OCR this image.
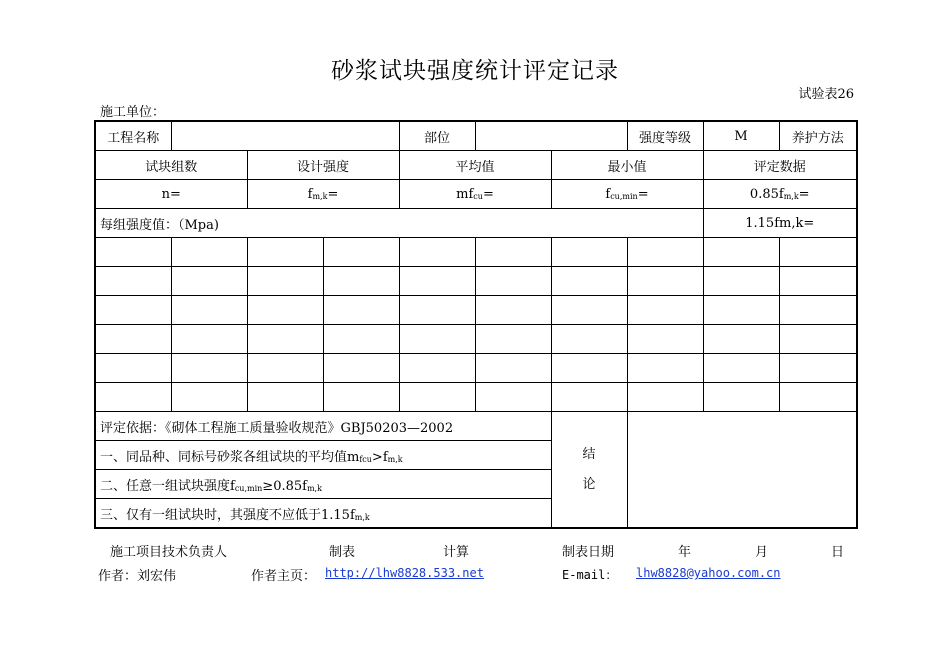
砂浆试块强度统计评定记录
试验表26
施工单位：
工程名称				部位			强度等级	M	养护方法
试块组数		设计强度		平均值		最小值		评定数据	
n=		$f_{m,k}=$		$mf_{cu}=$		$f_{cu,min}=$		$0.85f_{m,k}=$	
每组强度值：（Mpa)								1.15fm,k=	

评定依据：《砌体工程施工质量验收规范》GBJ50203—2002						结
论			
一、同品种、同标号砂浆各组试块的平均值$m_{fcu}>f_{m,k}$
二、任意一组试块强度$f_{cu,min}\ge 0.85f_{m,k}$
三、仅有一组试块时，其强度不应低于$1.15f_{m,k}$
施工项目技术负责人	制表	计算	制表日期	年	月	日
作者：刘宏伟	作者主页： http://lhw8828.533.net	E-mail： lhw8828@yahoo.com.cn
